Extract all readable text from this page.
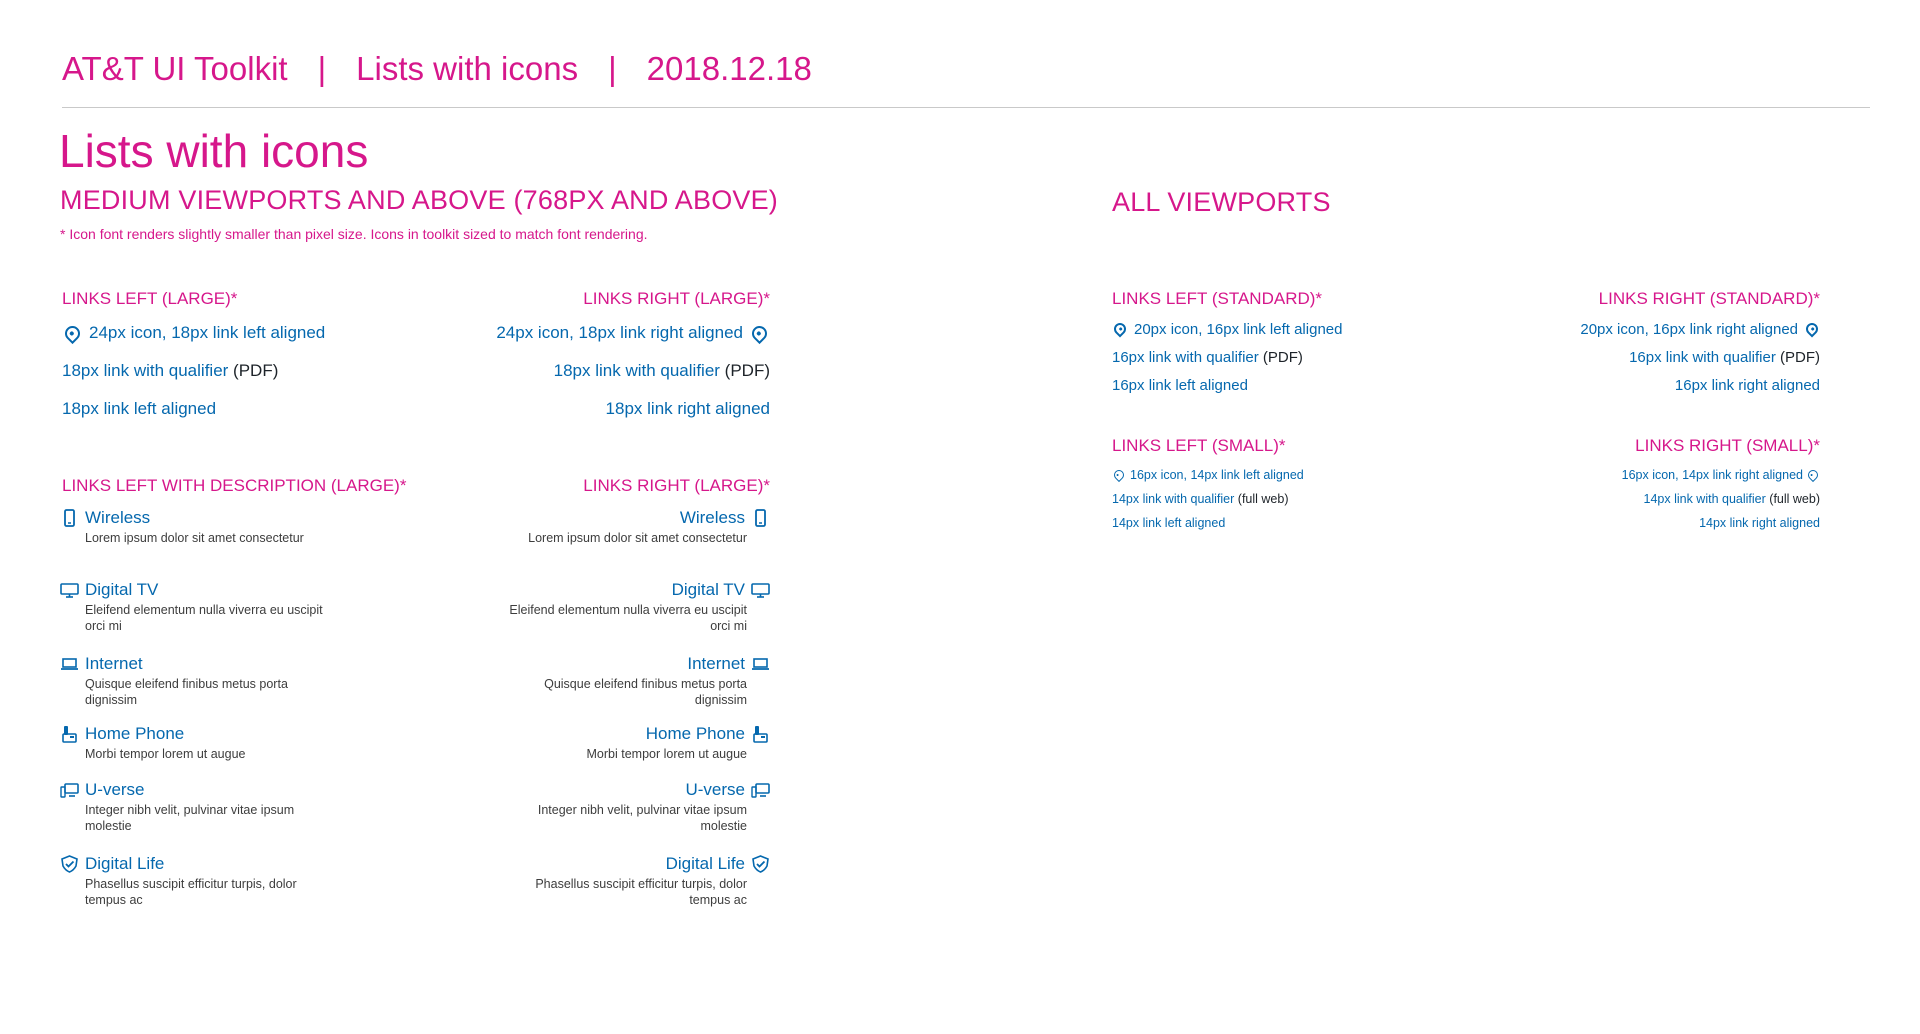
AT&T UI Toolkit | Lists with icons | 2018.12.18
Lists with icons
MEDIUM VIEWPORTS AND ABOVE (768PX AND ABOVE)
* Icon font renders slightly smaller than pixel size. Icons in toolkit sized to match font rendering.
ALL VIEWPORTS
LINKS LEFT (LARGE)*
24px icon, 18px link left aligned
18px link with qualifier
(PDF)
18px link left aligned
LINKS RIGHT (LARGE)*
24px icon, 18px link right aligned
18px link with qualifier
(PDF)
18px link right aligned
LINKS LEFT WITH DESCRIPTION (LARGE)*
Wireless
Lorem ipsum dolor sit amet consectetur
Digital TV
Eleifend elementum nulla viverra eu uscipit orci mi
Internet
Quisque eleifend finibus metus porta dignissim
Home Phone
Morbi tempor lorem ut augue
U-verse
Integer nibh velit, pulvinar vitae ipsum molestie
Digital Life
Phasellus suscipit efficitur turpis, dolor tempus ac
LINKS RIGHT (LARGE)*
Wireless
Lorem ipsum dolor sit amet consectetur
Digital TV
Eleifend elementum nulla viverra eu uscipit orci mi
Internet
Quisque eleifend finibus metus porta dignissim
Home Phone
Morbi tempor lorem ut augue
U-verse
Integer nibh velit, pulvinar vitae ipsum molestie
Digital Life
Phasellus suscipit efficitur turpis, dolor tempus ac
LINKS LEFT (STANDARD)*
20px icon, 16px link left aligned
16px link with qualifier
(PDF)
16px link left aligned
LINKS RIGHT (STANDARD)*
20px icon, 16px link right aligned
16px link with qualifier
(PDF)
16px link right aligned
LINKS LEFT (SMALL)*
16px icon, 14px link left aligned
14px link with qualifier
(full web)
14px link left aligned
LINKS RIGHT (SMALL)*
16px icon, 14px link right aligned
14px link with qualifier
(full web)
14px link right aligned
